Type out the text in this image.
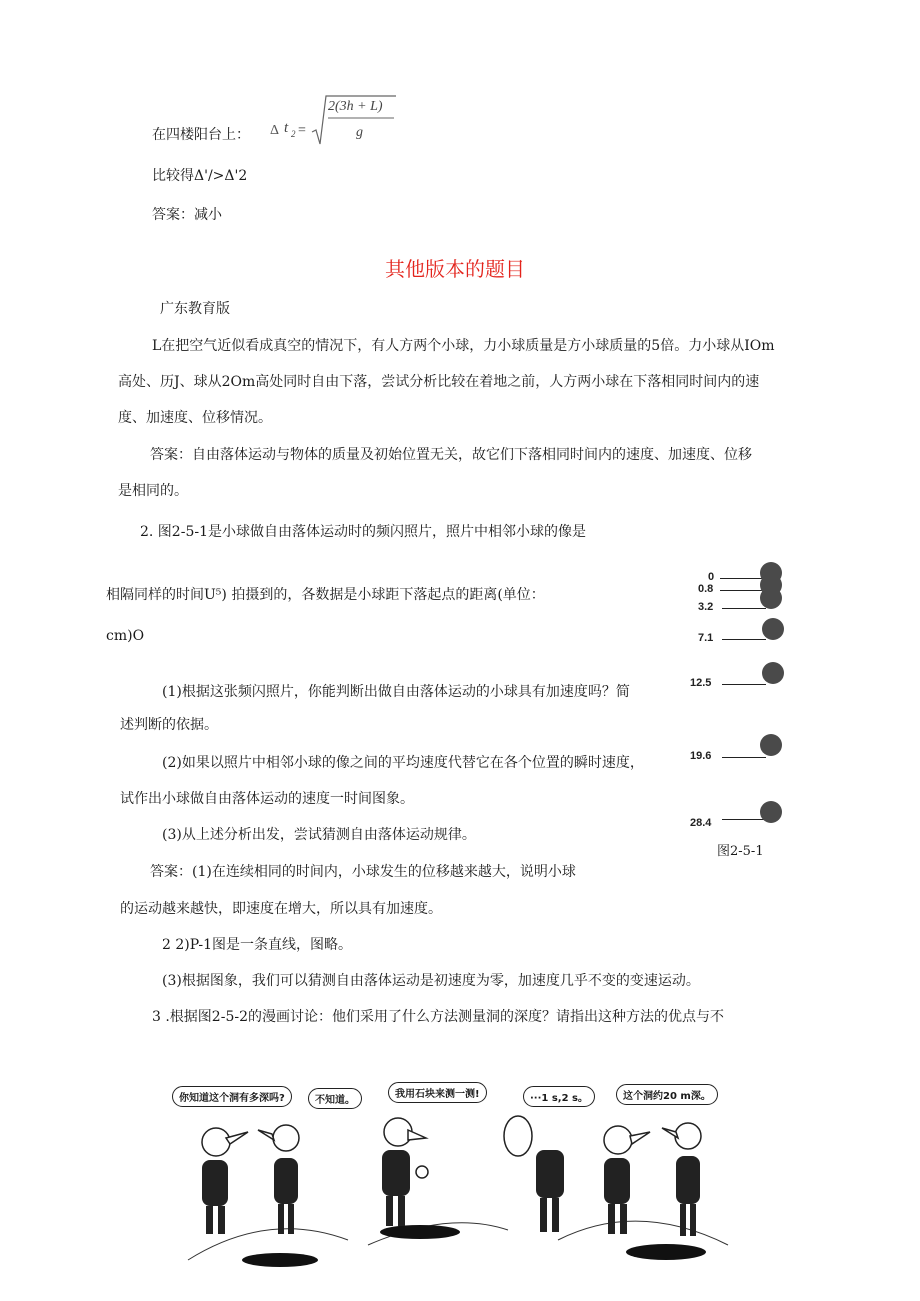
在四楼阳台上： Δ t 2 =
2(3h + L)
g
比较得Δ'/>Δ'2
答案：减小
其他版本的题目
广东教育版
L在把空气近似看成真空的情况下，有人方两个小球，力小球质量是方小球质量的5倍。力小球从IOm
高处、历J、球从2Om高处同时自由下落，尝试分析比较在着地之前，人方两小球在下落相同时间内的速
度、加速度、位移情况。
答案：自由落体运动与物体的质量及初始位置无关，故它们下落相同时间内的速度、加速度、位移
是相同的。
2. 图2-5-1是小球做自由落体运动时的频闪照片，照片中相邻小球的像是
相隔同样的时间U⁵) 拍摄到的，各数据是小球距下落起点的距离(单位：
cm)O
(1)根据这张频闪照片，你能判断出做自由落体运动的小球具有加速度吗？简
述判断的依据。
(2)如果以照片中相邻小球的像之间的平均速度代替它在各个位置的瞬时速度，
试作出小球做自由落体运动的速度一时间图象。
(3)从上述分析出发，尝试猜测自由落体运动规律。
答案：(1)在连续相同的时间内，小球发生的位移越来越大，说明小球
的运动越来越快，即速度在增大，所以具有加速度。
2 2)P-1图是一条直线，图略。
(3)根据图象，我们可以猜测自由落体运动是初速度为零，加速度几乎不变的变速运动。
3 .根据图2-5-2的漫画讨论：他们采用了什么方法测量洞的深度？请指出这种方法的优点与不
0
0.8
3.2
7.1
12.5
19.6
28.4
图2-5-1
你知道这个洞有多深吗?	不知道。
我用石块来测一测!	···1 s,2 s。	这个洞约20 m深。
